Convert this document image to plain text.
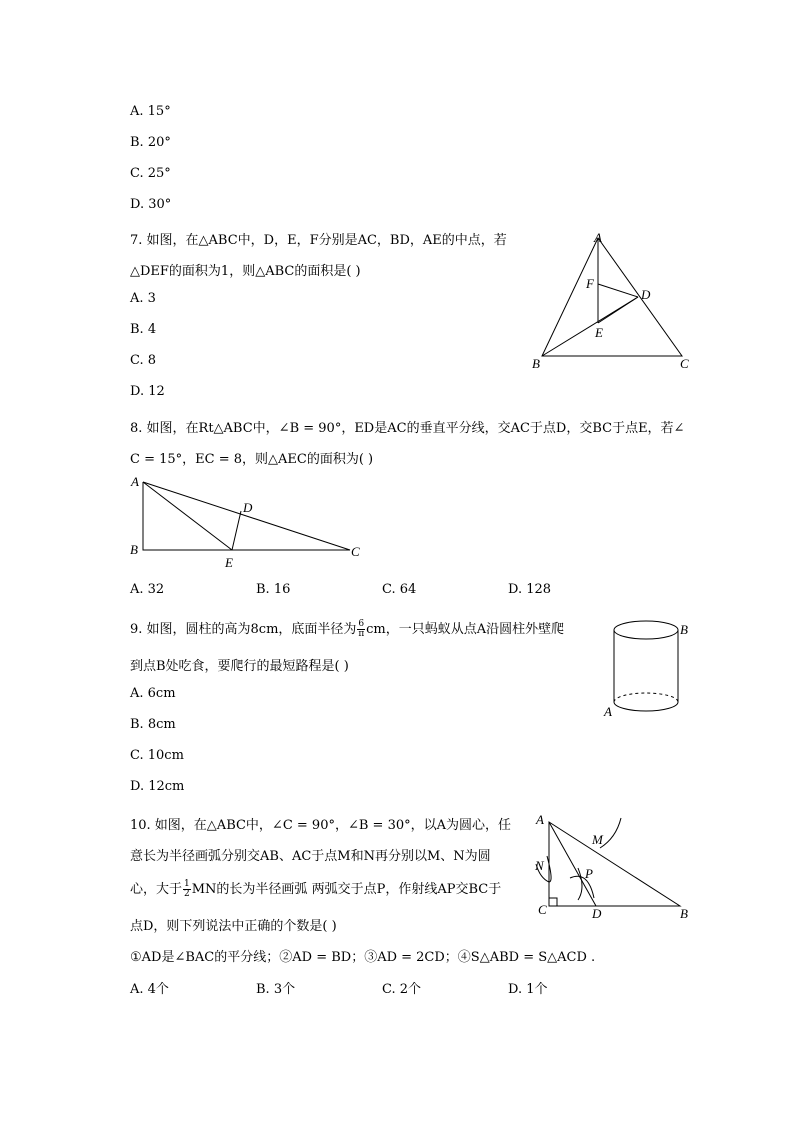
A. 15°
B. 20°
C. 25°
D. 30°
7. 如图，在△ABC中，D，E，F分别是AC，BD，AE的中点，若
△DEF的面积为1，则△ABC的面积是( )
A. 3
B. 4
C. 8
D. 12
A
B	C
D
E
F
8. 如图，在Rt△ABC中，∠B = 90°，ED是AC的垂直平分线，交AC于点D，交BC于点E，若∠
C = 15°，EC = 8，则△AEC的面积为( )
A
B	C
D
E
A. 32	B. 16	C. 64	D. 128
9. 如图，圆柱的高为8cm，底面半径为 $\frac{6}{\pi}$ cm，一只蚂蚁从点A沿圆柱外壁爬
到点B处吃食，要爬行的最短路程是( )
A. 6cm
B. 8cm
C. 10cm
D. 12cm
B
A
10. 如图，在△ABC中，∠C = 90°，∠B = 30°，以A为圆心，任
意长为半径画弧分别交AB、AC于点M和N再分别以M、N为圆
心，大于 $\frac{1}{2}$ MN的长为半径画弧 两弧交于点P，作射线AP交BC于
点D，则下列说法中正确的个数是( )
①AD是∠BAC的平分线；②AD = BD；③AD = 2CD；④S△ABD = S△ACD .
A. 4个	B. 3个	C. 2个	D. 1个
A
M
N
P
C	D	B
